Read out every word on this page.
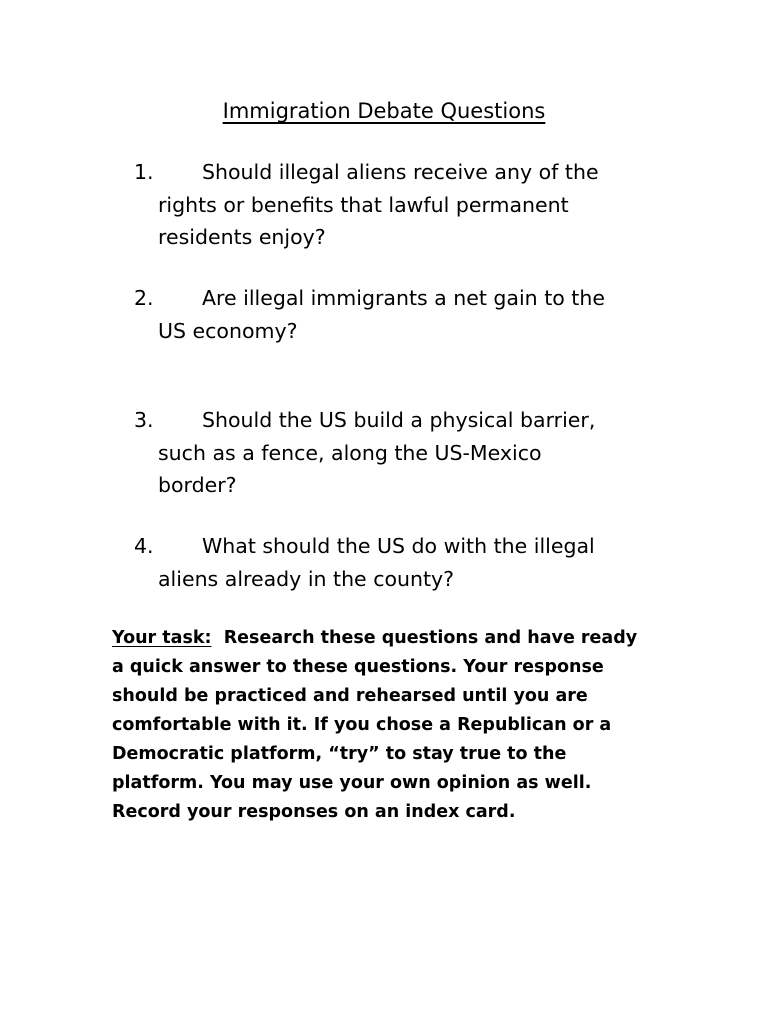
Immigration Debate Questions
1. Should illegal aliens receive any of the
rights or benefits that lawful permanent
residents enjoy?
2. Are illegal immigrants a net gain to the
US economy?
3. Should the US build a physical barrier,
such as a fence, along the US-Mexico
border?
4. What should the US do with the illegal
aliens already in the county?
Your task: Research these questions and have ready
a quick answer to these questions. Your response
should be practiced and rehearsed until you are
comfortable with it. If you chose a Republican or a
Democratic platform, “try” to stay true to the
platform. You may use your own opinion as well.
Record your responses on an index card.
